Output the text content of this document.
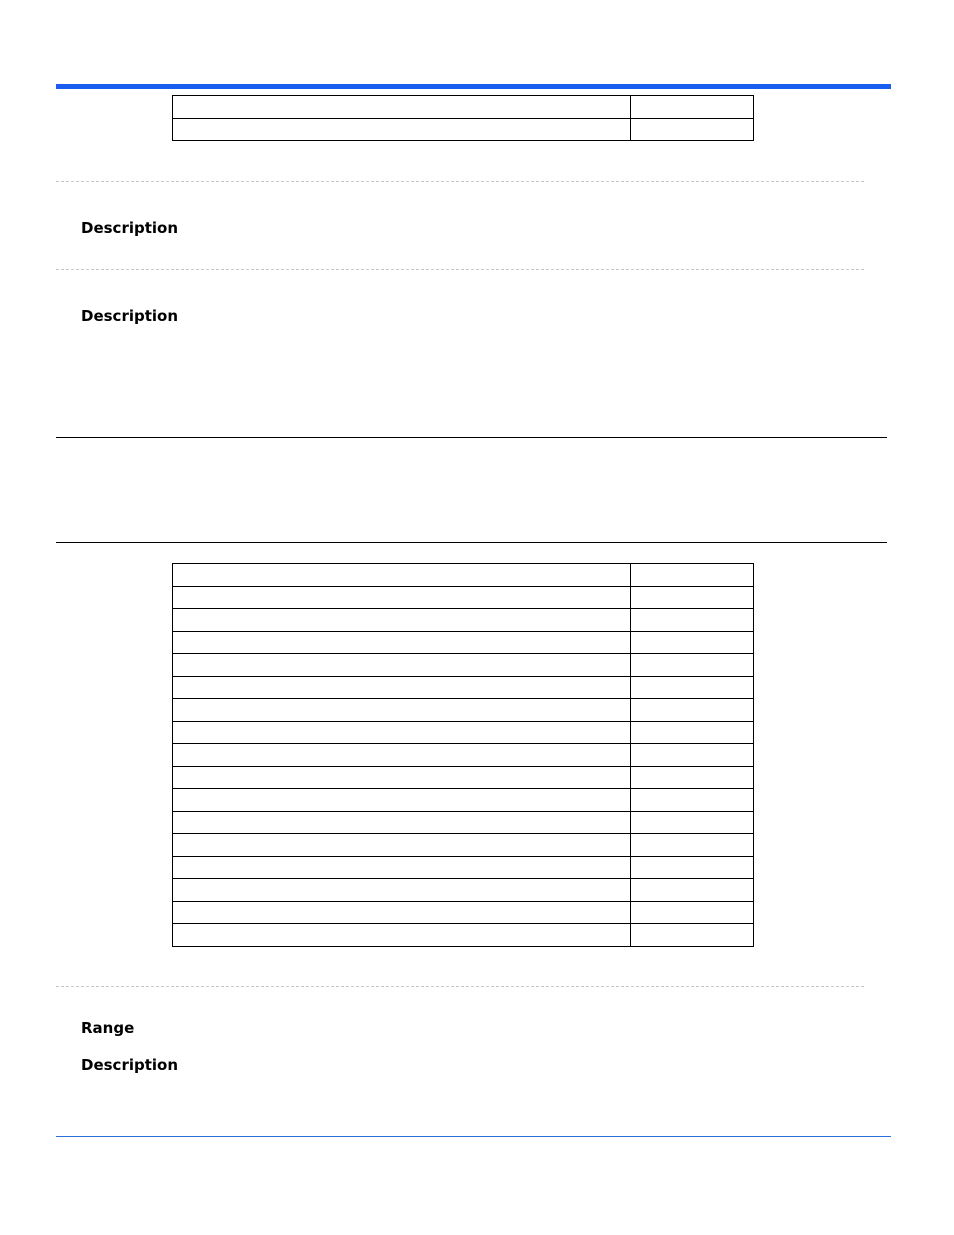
Description
Description

Range
Description
